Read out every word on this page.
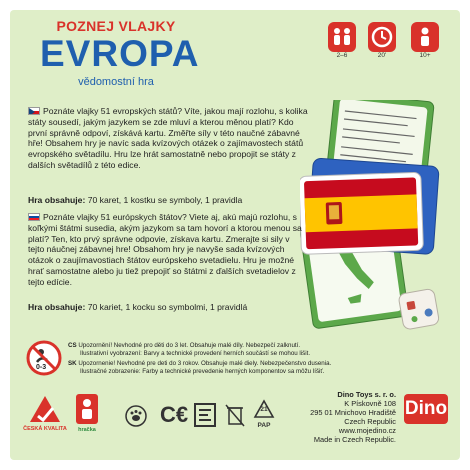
POZNEJ VLAJKY
EVROPA
vědomostní hra
2–6	20'	10+
Poznáte vlajky 51 evropských států? Víte, jakou mají rozlohu, s kolika státy sousedí, jakým jazykem se zde mluví a kterou měnou platí? Kdo první správně odpoví, získává kartu. Změřte síly v této naučné zábavné hře! Obsahem hry je navíc sada kvízových otázek o zajímavostech států evropského světadílu. Hru lze hrát samostatně nebo propojit se státy z dalších světadílů z této edice.
Hra obsahuje: 70 karet, 1 kostku se symboly, 1 pravidla
Poznáte vlajky 51 európskych štátov? Viete aj, akú majú rozlohu, s koľkými štátmi susedia, akým jazykom sa tam hovorí a ktorou menou sa platí? Ten, kto prvý správne odpovie, získava kartu. Zmerajte si sily v tejto náučnej zábavnej hre! Obsahom hry je navyše sada kvízových otázok o zaujímavostiach štátov európskeho svetadielu. Hru je možné hrať samostatne alebo ju tiež prepojiť so štátmi z ďalších svetadielov z tejto edície.
Hra obsahuje: 70 kariet, 1 kocku so symbolmi, 1 pravidlá
0-3
CS Upozornění! Nevhodné pro děti do 3 let. Obsahuje malé díly. Nebezpečí zalknutí.
Ilustrativní vyobrazení: Barvy a technické provedení herních součástí se mohou lišit.
SK Upozornenie! Nevhodné pre deti do 3 rokov. Obsahuje malé diely. Nebezpečenstvo dusenia.
Ilustračné zobrazenie: Farby a technické prevedenie herných komponentov sa môžu líšiť.
ČESKÁ KVALITA	hračka
C€	21
PAP
Dino Toys s. r. o.
K Pískovně 108
295 01 Mnichovo Hradiště
Czech Republic
www.mojedino.cz
Made in Czech Republic.
Dino
